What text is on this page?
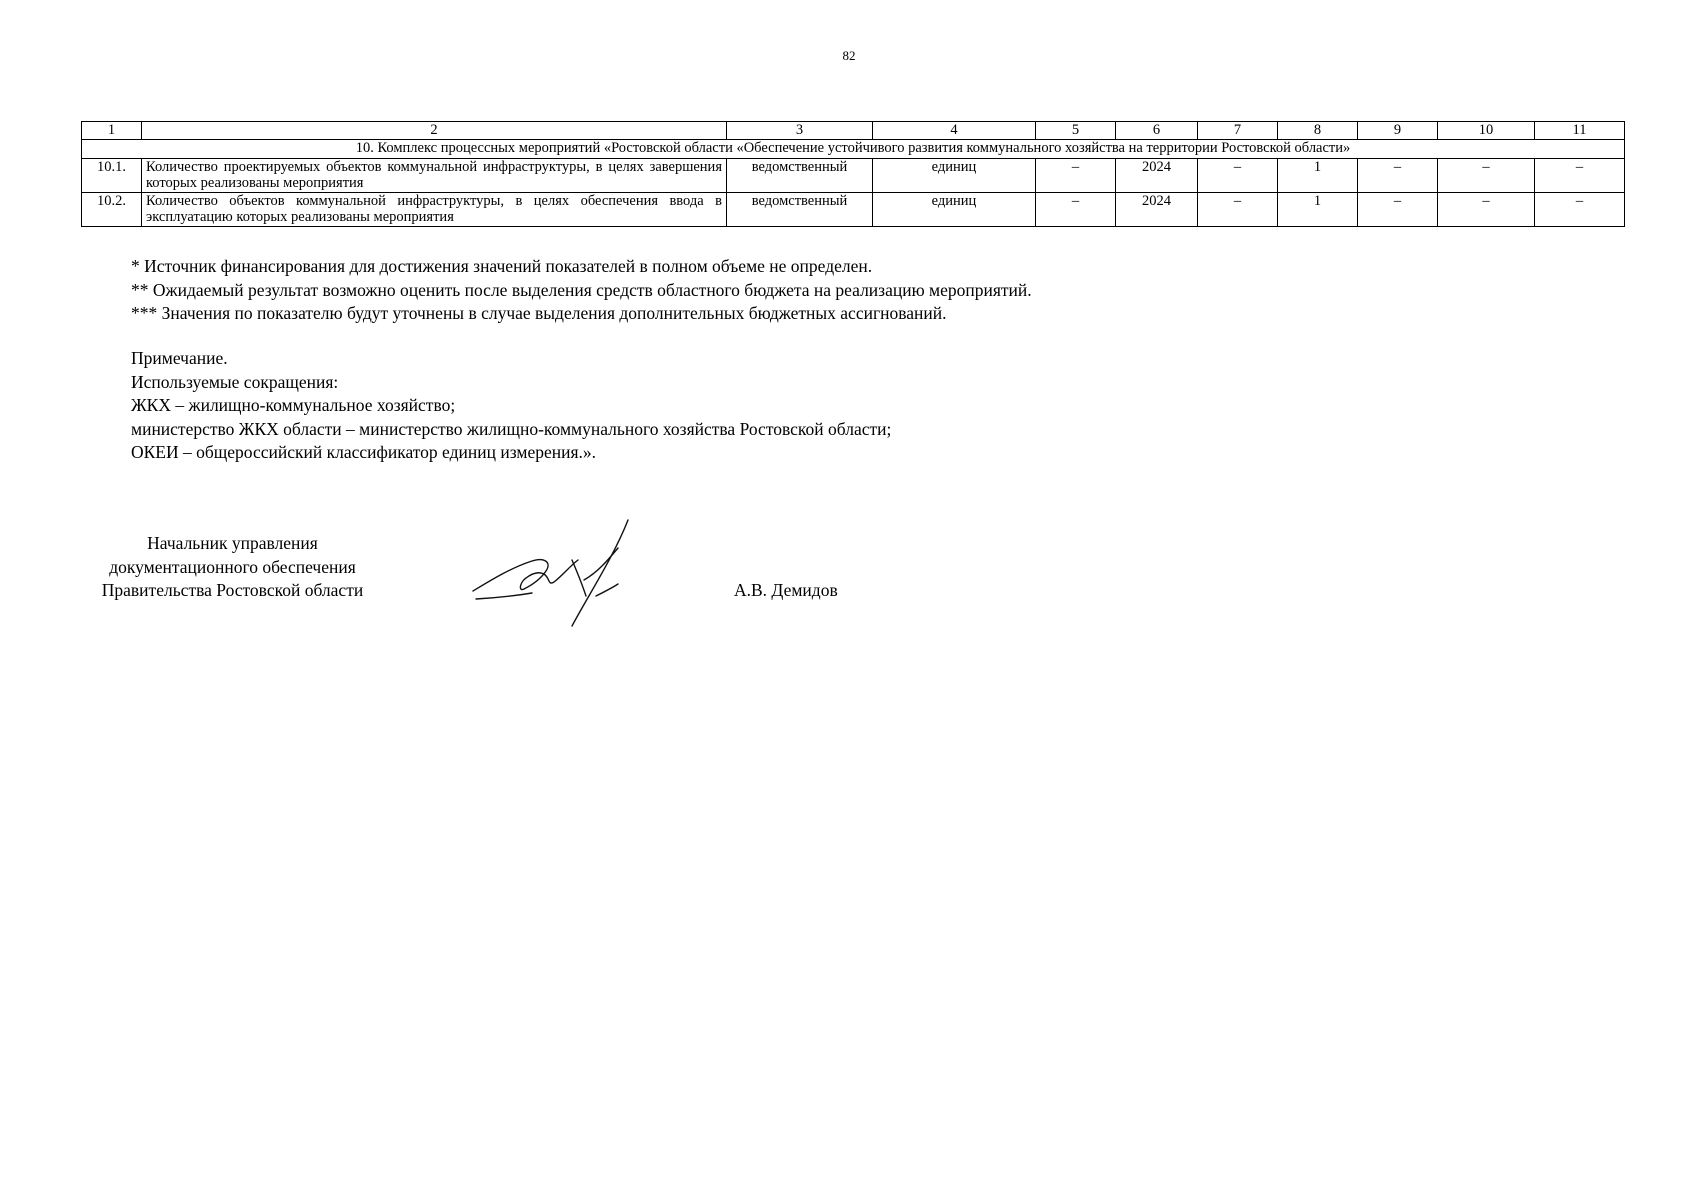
82
1	2	3	4	5	6	7	8	9	10	11
10. Комплекс процессных мероприятий «Ростовской области «Обеспечение устойчивого развития коммунального хозяйства на территории Ростовской области»										
10.1.	Количество проектируемых объектов коммунальной инфраструктуры, в целях завершения которых реализованы мероприятия	ведомственный	единиц	–	2024	–	1	–	–	–
10.2.	Количество объектов коммунальной инфраструктуры, в целях обеспечения ввода в эксплуатацию которых реализованы мероприятия	ведомственный	единиц	–	2024	–	1	–	–	–
* Источник финансирования для достижения значений показателей в полном объеме не определен.
** Ожидаемый результат возможно оценить после выделения средств областного бюджета на реализацию мероприятий.
*** Значения по показателю будут уточнены в случае выделения дополнительных бюджетных ассигнований.
Примечание.
Используемые сокращения:
ЖКХ – жилищно-коммунальное хозяйство;
министерство ЖКХ области – министерство жилищно-коммунального хозяйства Ростовской области;
ОКЕИ – общероссийский классификатор единиц измерения.».
Начальник управления
документационного обеспечения
Правительства Ростовской области	А.В. Демидов
